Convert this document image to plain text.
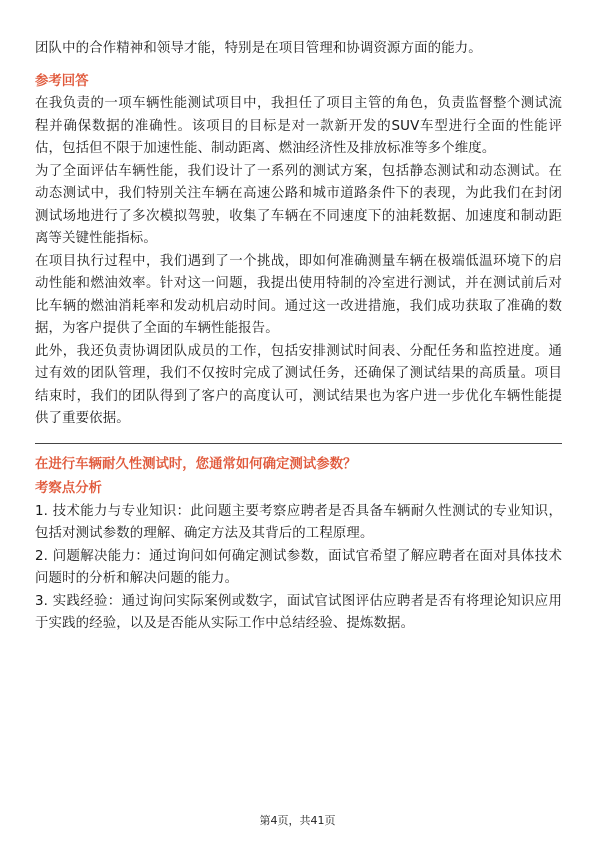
团队中的合作精神和领导才能，特别是在项目管理和协调资源方面的能力。

参考回答

在我负责的一项车辆性能测试项目中，我担任了项目主管的角色，负责监督整个测试流程并确保数据的准确性。该项目的目标是对一款新开发的SUV车型进行全面的性能评估，包括但不限于加速性能、制动距离、燃油经济性及排放标准等多个维度。

为了全面评估车辆性能，我们设计了一系列的测试方案，包括静态测试和动态测试。在动态测试中，我们特别关注车辆在高速公路和城市道路条件下的表现，为此我们在封闭测试场地进行了多次模拟驾驶，收集了车辆在不同速度下的油耗数据、加速度和制动距离等关键性能指标。

在项目执行过程中，我们遇到了一个挑战，即如何准确测量车辆在极端低温环境下的启动性能和燃油效率。针对这一问题，我提出使用特制的冷室进行测试，并在测试前后对比车辆的燃油消耗率和发动机启动时间。通过这一改进措施，我们成功获取了准确的数据，为客户提供了全面的车辆性能报告。

此外，我还负责协调团队成员的工作，包括安排测试时间表、分配任务和监控进度。通过有效的团队管理，我们不仅按时完成了测试任务，还确保了测试结果的高质量。项目结束时，我们的团队得到了客户的高度认可，测试结果也为客户进一步优化车辆性能提供了重要依据。

在进行车辆耐久性测试时，您通常如何确定测试参数？
考察点分析

1. 技术能力与专业知识：此问题主要考察应聘者是否具备车辆耐久性测试的专业知识，包括对测试参数的理解、确定方法及其背后的工程原理。

2. 问题解决能力：通过询问如何确定测试参数，面试官希望了解应聘者在面对具体技术问题时的分析和解决问题的能力。

3. 实践经验：通过询问实际案例或数字，面试官试图评估应聘者是否有将理论知识应用于实践的经验，以及是否能从实际工作中总结经验、提炼数据。

第4页，共41页
